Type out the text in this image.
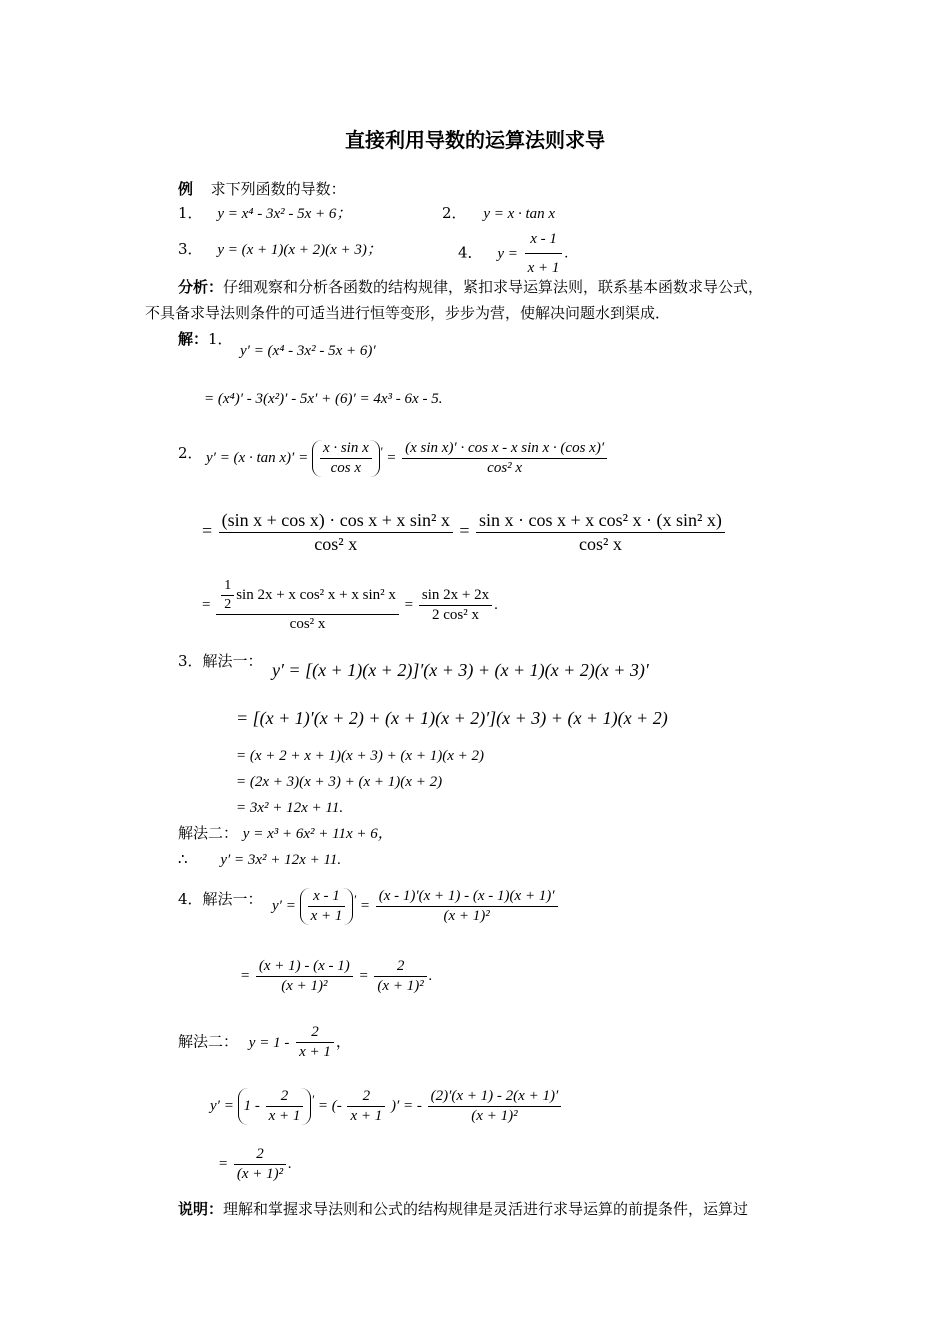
直接利用导数的运算法则求导
例 求下列函数的导数：
1． y = x⁴ - 3x² - 5x + 6；	2． y = x · tan x
3． y = (x + 1)(x + 2)(x + 3)；	4． $y = \frac{x - 1}{x + 1}$ .
分析：仔细观察和分析各函数的结构规律，紧扣求导运算法则，联系基本函数求导公式，
不具备求导法则条件的可适当进行恒等变形，步步为营，使解决问题水到渠成．
解：1．
y′ = (x⁴ - 3x² - 5x + 6)′
= (x⁴)′ - 3(x²)′ - 5x′ + (6)′ = 4x³ - 6x - 5.
2． $y' = (x \cdot \tan x)' = \frac{\text{x · sin x}}{\text{cos x}} ' = \frac{\text{(x sin x)′ · cos x - x sin x · (cos x)′}}{\text{cos² x}}$
= $\frac{\text{(sin x + cos x) · cos x + x sin² x}}{\text{cos² x}} = \frac{\text{sin x · cos x + x cos² x · (x sin² x)}}{\text{cos² x}}$
= $\frac{\frac{1}{2} \sin 2x + x \cos^2 x + x \sin^2 x}{\text{cos² x}} = \frac{\sin 2x + 2x}{\text{2 cos² x}}$ .
3．解法一： y′ = [(x + 1)(x + 2)]′(x + 3) + (x + 1)(x + 2)(x + 3)′
= [(x + 1)′(x + 2) + (x + 1)(x + 2)′](x + 3) + (x + 1)(x + 2)
= (x + 2 + x + 1)(x + 3) + (x + 1)(x + 2)
= (2x + 3)(x + 3) + (x + 1)(x + 2)
= 3x² + 12x + 11.
解法二： y = x³ + 6x² + 11x + 6，
∴ y′ = 3x² + 12x + 11.
4．解法一： $y' = \frac{x - 1}{x + 1} ' = \frac{(x - 1)'(x + 1) - (x - 1)(x + 1)'}{\text{(x + 1)²}}$
= $\frac{(x + 1) - (x - 1)}{\text{(x + 1)²}} = \frac{2}{\text{(x + 1)²}}$ .
解法二： $y = 1 - \frac{2}{x + 1}$ ，
$y' = 1 - \frac{2}{x + 1} '$ = (- $\frac{2}{x + 1}$ )′ = - $\frac{(2)'(x + 1) - 2(x + 1)'}{\text{(x + 1)²}}$
= $\frac{2}{\text{(x + 1)²}}$ .
说明：理解和掌握求导法则和公式的结构规律是灵活进行求导运算的前提条件，运算过
